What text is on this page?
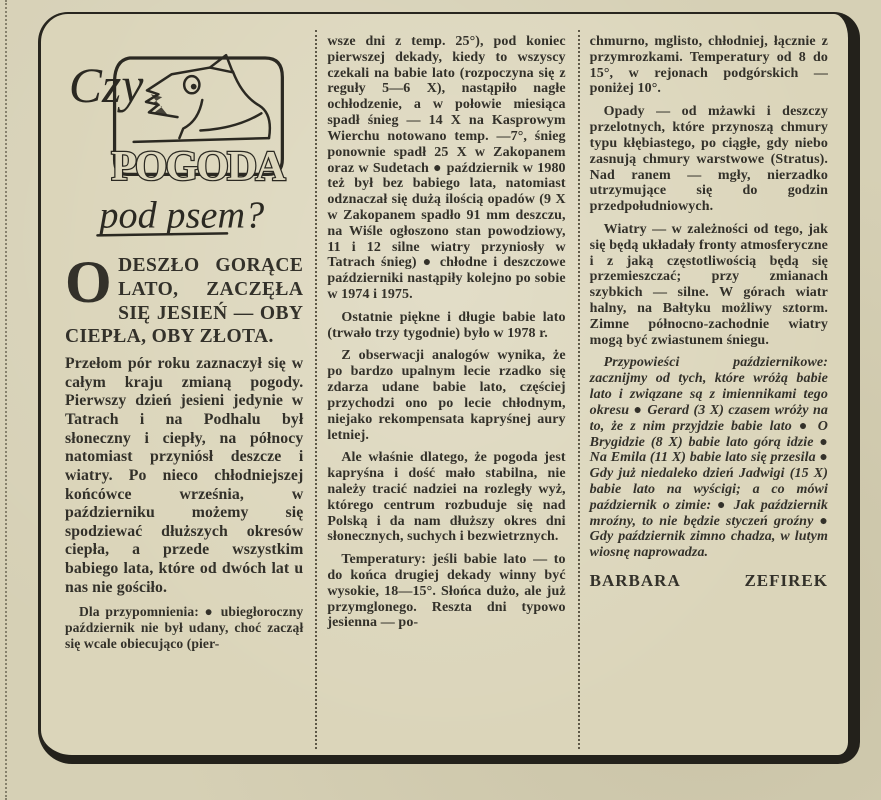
Czy
POGODA
pod psem?
ODESZŁO GORĄCE LATO, ZACZĘŁA SIĘ JESIEŃ — OBY CIEPŁA, OBY ZŁOTA.

Przełom pór roku zaznaczył się w całym kraju zmianą pogody. Pierwszy dzień jesieni jedynie w Tatrach i na Podhalu był słoneczny i ciepły, na północy natomiast przyniósł deszcze i wiatry. Po nieco chłodniejszej końcówce września, w październiku możemy się spodziewać dłuższych okresów ciepła, a przede wszystkim babiego lata, które od dwóch lat u nas nie gościło.

Dla przypomnienia: ● ubiegłoroczny październik nie był udany, choć zaczął się wcale obiecująco (pier-

wsze dni z temp. 25°), pod koniec pierwszej dekady, kiedy to wszyscy czekali na babie lato (rozpoczyna się z reguły 5—6 X), nastąpiło nagłe ochłodzenie, a w połowie miesiąca spadł śnieg — 14 X na Kasprowym Wierchu notowano temp. —7°, śnieg ponownie spadł 25 X w Zakopanem oraz w Sudetach ● październik w 1980 też był bez babiego lata, natomiast odznaczał się dużą ilością opadów (9 X w Zakopanem spadło 91 mm deszczu, na Wiśle ogłoszono stan powodziowy, 11 i 12 silne wiatry przyniosły w Tatrach śnieg) ● chłodne i deszczowe październiki nastąpiły kolejno po sobie w 1974 i 1975.

Ostatnie piękne i długie babie lato (trwało trzy tygodnie) było w 1978 r.

Z obserwacji analogów wynika, że po bardzo upalnym lecie rzadko się zdarza udane babie lato, częściej przychodzi ono po lecie chłodnym, niejako rekompensata kapryśnej aury letniej.

Ale właśnie dlatego, że pogoda jest kapryśna i dość mało stabilna, nie należy tracić nadziei na rozległy wyż, którego centrum rozbuduje się nad Polską i da nam dłuższy okres dni słonecznych, suchych i bezwietrznych.

Temperatury: jeśli babie lato — to do końca drugiej dekady winny być wysokie, 18—15°. Słońca dużo, ale już przymglonego. Reszta dni typowo jesienna — po-

chmurno, mglisto, chłodniej, łącznie z przymrozkami. Temperatury od 8 do 15°, w rejonach podgórskich — poniżej 10°.

Opady — od mżawki i deszczy przelotnych, które przynoszą chmury typu kłębiastego, po ciągłe, gdy niebo zasnują chmury warstwowe (Stratus). Nad ranem — mgły, nierzadko utrzymujące się do godzin przedpołudniowych.

Wiatry — w zależności od tego, jak się będą układały fronty atmosferyczne i z jaką częstotliwością będą się przemieszczać; przy zmianach szybkich — silne. W górach wiatr halny, na Bałtyku możliwy sztorm. Zimne północno-zachodnie wiatry mogą być zwiastunem śniegu.

Przypowieści październikowe: zacznijmy od tych, które wróżą babie lato i związane są z imiennikami tego okresu ● Gerard (3 X) czasem wróży na to, że z nim przyjdzie babie lato ● O Brygidzie (8 X) babie lato górą idzie ● Na Emila (11 X) babie lato się przesila ● Gdy już niedaleko dzień Jadwigi (15 X) babie lato na wyścigi; a co mówi październik o zimie: ● Jak październik mroźny, to nie będzie styczeń groźny ● Gdy październik zimno chadza, w lutym wiosnę naprowadza.

BARBARA ZEFIREK
